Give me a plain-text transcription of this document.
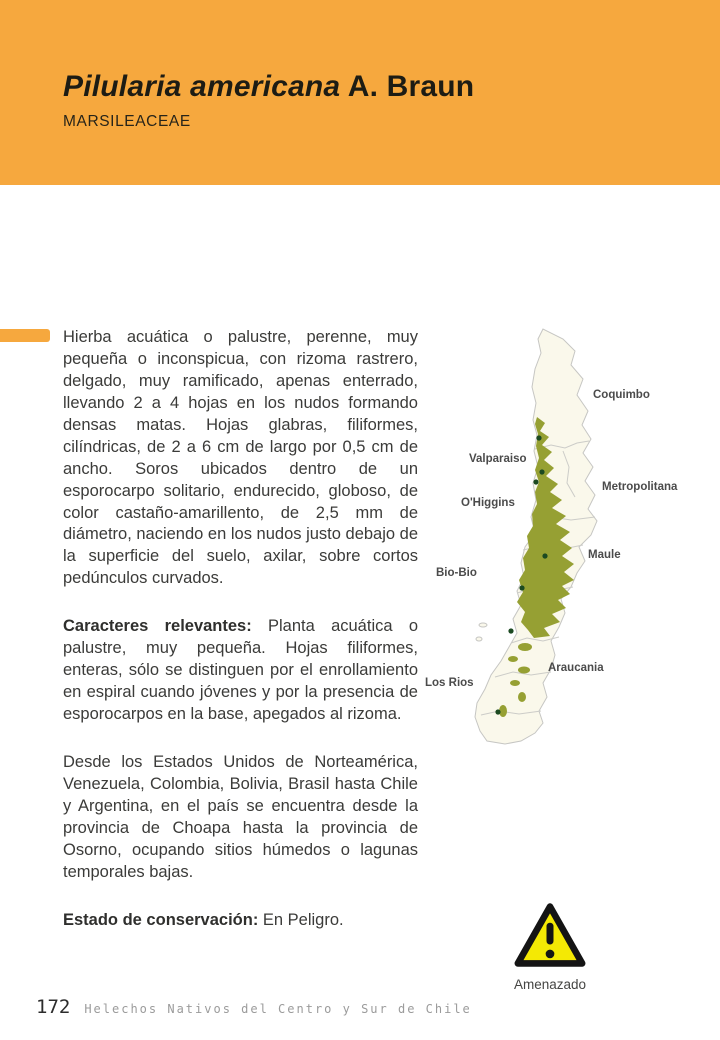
Pilularia americana A. Braun
MARSILEACEAE

Hierba acuática o palustre, perenne, muy pequeña o inconspicua, con rizoma rastrero, delgado, muy ramificado, apenas enterrado, llevando 2 a 4 hojas en los nudos formando densas matas. Hojas glabras, filiformes, cilíndricas, de 2 a 6 cm de largo por 0,5 cm de ancho. Soros ubicados dentro de un esporocarpo solitario, endurecido, globoso, de color castaño-amarillento, de 2,5 mm de diámetro, naciendo en los nudos justo debajo de la superficie del suelo, axilar, sobre cortos pedúnculos curvados.

Caracteres relevantes: Planta acuática o palustre, muy pequeña. Hojas filiformes, enteras, sólo se distinguen por el enrollamiento en espiral cuando jóvenes y por la presencia de esporocarpos en la base, apegados al rizoma.

Desde los Estados Unidos de Norteamérica, Venezuela, Colombia, Bolivia, Brasil hasta Chile y Argentina, en el país se encuentra desde la provincia de Choapa hasta la provincia de Osorno, ocupando sitios húmedos o lagunas temporales bajas.

Estado de conservación: En Peligro.

Coquimbo
Valparaiso
Metropolitana
O'Higgins
Maule
Bio-Bio
Araucania
Los Rios
Amenazado
172 Helechos Nativos del Centro y Sur de Chile
